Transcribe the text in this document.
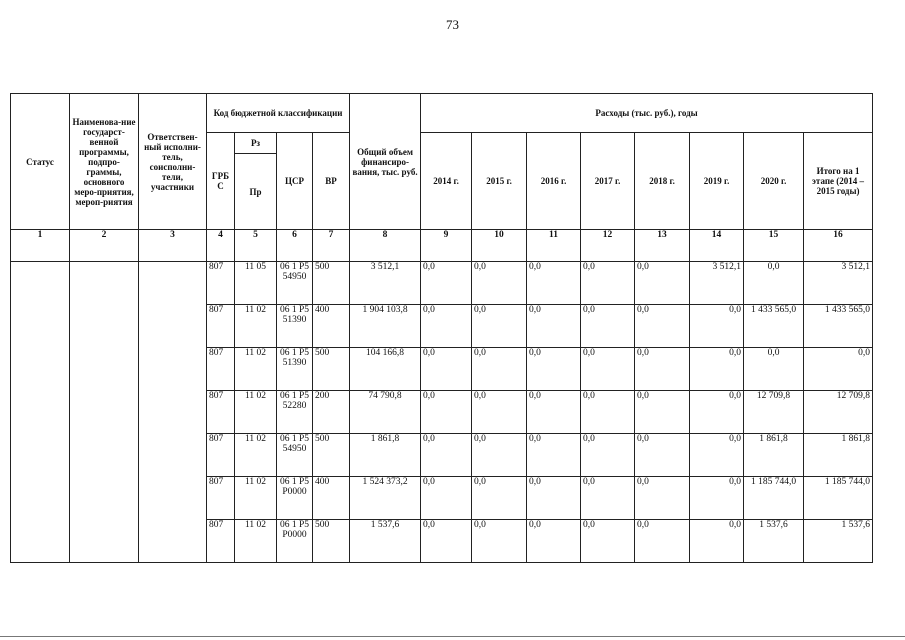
73
Статус	Наименова-ние государст-венной программы, подпро-граммы, основного меро-приятия, мероп-риятия	Ответствен-ный исполни-тель, соисполни-тели, участники	Код бюджетной классификации				Общий объем финансиро-вания, тыс. руб.	Расходы (тыс. руб.), годы							
			ГРБ С	Рз	ЦСР	ВР		2014 г.	2015 г.	2016 г.	2017 г.	2018 г.	2019 г.	2020 г.	Итого на 1 этапе (2014 – 2015 годы)
				Пр											
1	2	3	4	5	6	7	8	9	10	11	12	13	14	15	16
			807	11 05	06 1 Р5 54950	500	3 512,1	0,0	0,0	0,0	0,0	0,0	3 512,1	0,0	3 512,1
			807	11 02	06 1 Р5 51390	400	1 904 103,8	0,0	0,0	0,0	0,0	0,0	0,0	1 433 565,0	1 433 565,0
			807	11 02	06 1 Р5 51390	500	104 166,8	0,0	0,0	0,0	0,0	0,0	0,0	0,0	0,0
			807	11 02	06 1 Р5 52280	200	74 790,8	0,0	0,0	0,0	0,0	0,0	0,0	12 709,8	12 709,8
			807	11 02	06 1 Р5 54950	500	1 861,8	0,0	0,0	0,0	0,0	0,0	0,0	1 861,8	1 861,8
			807	11 02	06 1 Р5 Р0000	400	1 524 373,2	0,0	0,0	0,0	0,0	0,0	0,0	1 185 744,0	1 185 744,0
			807	11 02	06 1 Р5 Р0000	500	1 537,6	0,0	0,0	0,0	0,0	0,0	0,0	1 537,6	1 537,6
